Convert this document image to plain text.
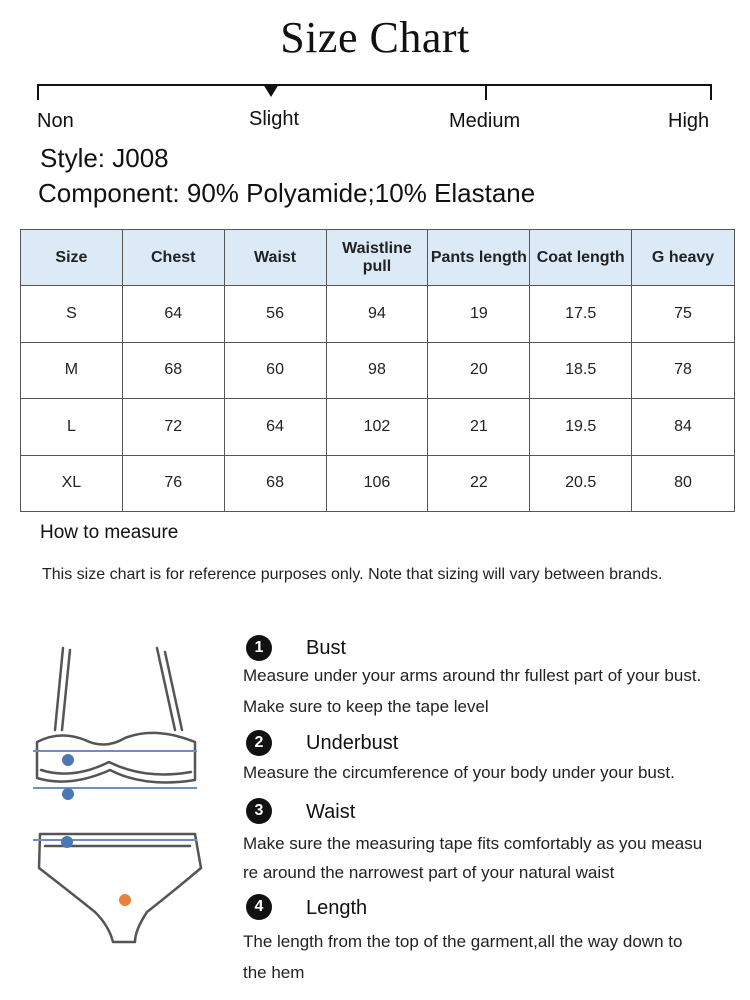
Size Chart
Non	Slight	Medium	High
Style: J008
Component: 90% Polyamide;10% Elastane
Size	Chest	Waist	Waistline pull	Pants length	Coat length	G heavy
S	64	56	94	19	17.5	75
M	68	60	98	20	18.5	78
L	72	64	102	21	19.5	84
XL	76	68	106	22	20.5	80
How to measure
This size chart is for reference purposes only. Note that sizing will vary between brands.
1	Bust
Measure under your arms around thr fullest part of your bust.
Make sure to keep the tape level
2	Underbust
Measure the circumference of your body under your bust.
3	Waist
Make sure the measuring tape fits comfortably as you measu
re around the narrowest part of your natural waist
4	Length
The length from the top of the garment,all the way down to
the hem
